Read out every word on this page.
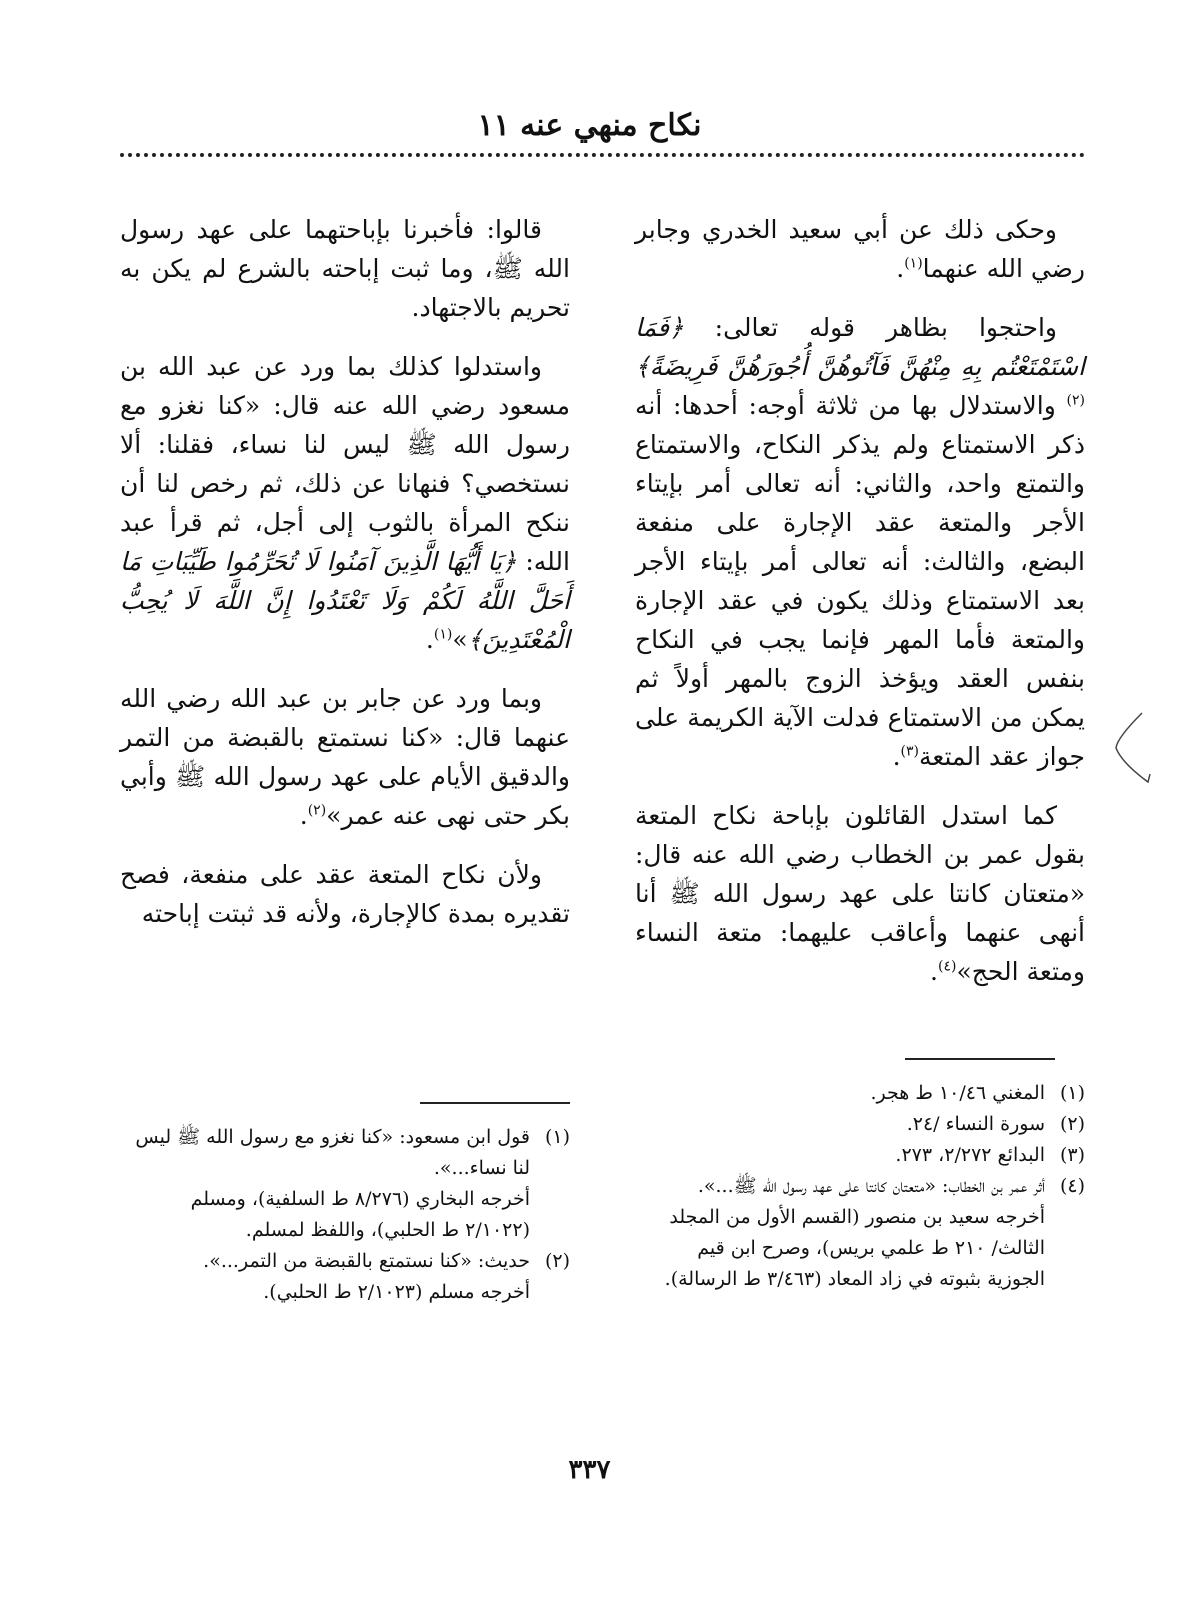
نكاح منهي عنه ١١

وحكى ذلك عن أبي سعيد الخدري وجابر رضي الله عنهما$^{(١)}$.

واحتجوا بظاهر قوله تعالى: ﴿فَمَا اسْتَمْتَعْتُم بِهِ مِنْهُنَّ فَآتُوهُنَّ أُجُورَهُنَّ فَرِيضَةً﴾$^{(٢)}$ والاستدلال بها من ثلاثة أوجه: أحدها: أنه ذكر الاستمتاع ولم يذكر النكاح، والاستمتاع والتمتع واحد، والثاني: أنه تعالى أمر بإيتاء الأجر والمتعة عقد الإجارة على منفعة البضع، والثالث: أنه تعالى أمر بإيتاء الأجر بعد الاستمتاع وذلك يكون في عقد الإجارة والمتعة فأما المهر فإنما يجب في النكاح بنفس العقد ويؤخذ الزوج بالمهر أولاً ثم يمكن من الاستمتاع فدلت الآية الكريمة على جواز عقد المتعة$^{(٣)}$.

كما استدل القائلون بإباحة نكاح المتعة بقول عمر بن الخطاب رضي الله عنه قال: «متعتان كانتا على عهد رسول الله ﷺ أنا أنهى عنهما وأعاقب عليهما: متعة النساء ومتعة الحج»$^{(٤)}$.

قالوا: فأخبرنا بإباحتهما على عهد رسول الله ﷺ، وما ثبت إباحته بالشرع لم يكن به تحريم بالاجتهاد.

واستدلوا كذلك بما ورد عن عبد الله بن مسعود رضي الله عنه قال: «كنا نغزو مع رسول الله ﷺ ليس لنا نساء، فقلنا: ألا نستخصي؟ فنهانا عن ذلك، ثم رخص لنا أن ننكح المرأة بالثوب إلى أجل، ثم قرأ عبد الله: ﴿يَا أَيُّهَا الَّذِينَ آمَنُوا لَا تُحَرِّمُوا طَيِّبَاتِ مَا أَحَلَّ اللَّهُ لَكُمْ وَلَا تَعْتَدُوا إِنَّ اللَّهَ لَا يُحِبُّ الْمُعْتَدِينَ﴾»$^{(١)}$.

وبما ورد عن جابر بن عبد الله رضي الله عنهما قال: «كنا نستمتع بالقبضة من التمر والدقيق الأيام على عهد رسول الله ﷺ وأبي بكر حتى نهى عنه عمر»$^{(٢)}$.

ولأن نكاح المتعة عقد على منفعة، فصح تقديره بمدة كالإجارة، ولأنه قد ثبتت إباحته

(١)
المغني ١٠/٤٦ ط هجر.
(٢)
سورة النساء /٢٤.
(٣)
البدائع ٢/٢٧٢، ٢٧٣.
(٤)
أثر عمر بن الخطاب: «متعتان كانتا على عهد رسول الله ﷺ...».

أخرجه سعيد بن منصور (القسم الأول من المجلد الثالث/ ٢١٠ ط علمي بريس)، وصرح ابن قيم الجوزية بثبوته في زاد المعاد (٣/٤٦٣ ط الرسالة).

(١)
قول ابن مسعود: «كنا نغزو مع رسول الله ﷺ ليس لنا نساء...».

أخرجه البخاري (٨/٢٧٦ ط السلفية)، ومسلم (٢/١٠٢٢ ط الحلبي)، واللفظ لمسلم.

(٢)
حديث: «كنا نستمتع بالقبضة من التمر...».

أخرجه مسلم (٢/١٠٢٣ ط الحلبي).

٣٣٧
